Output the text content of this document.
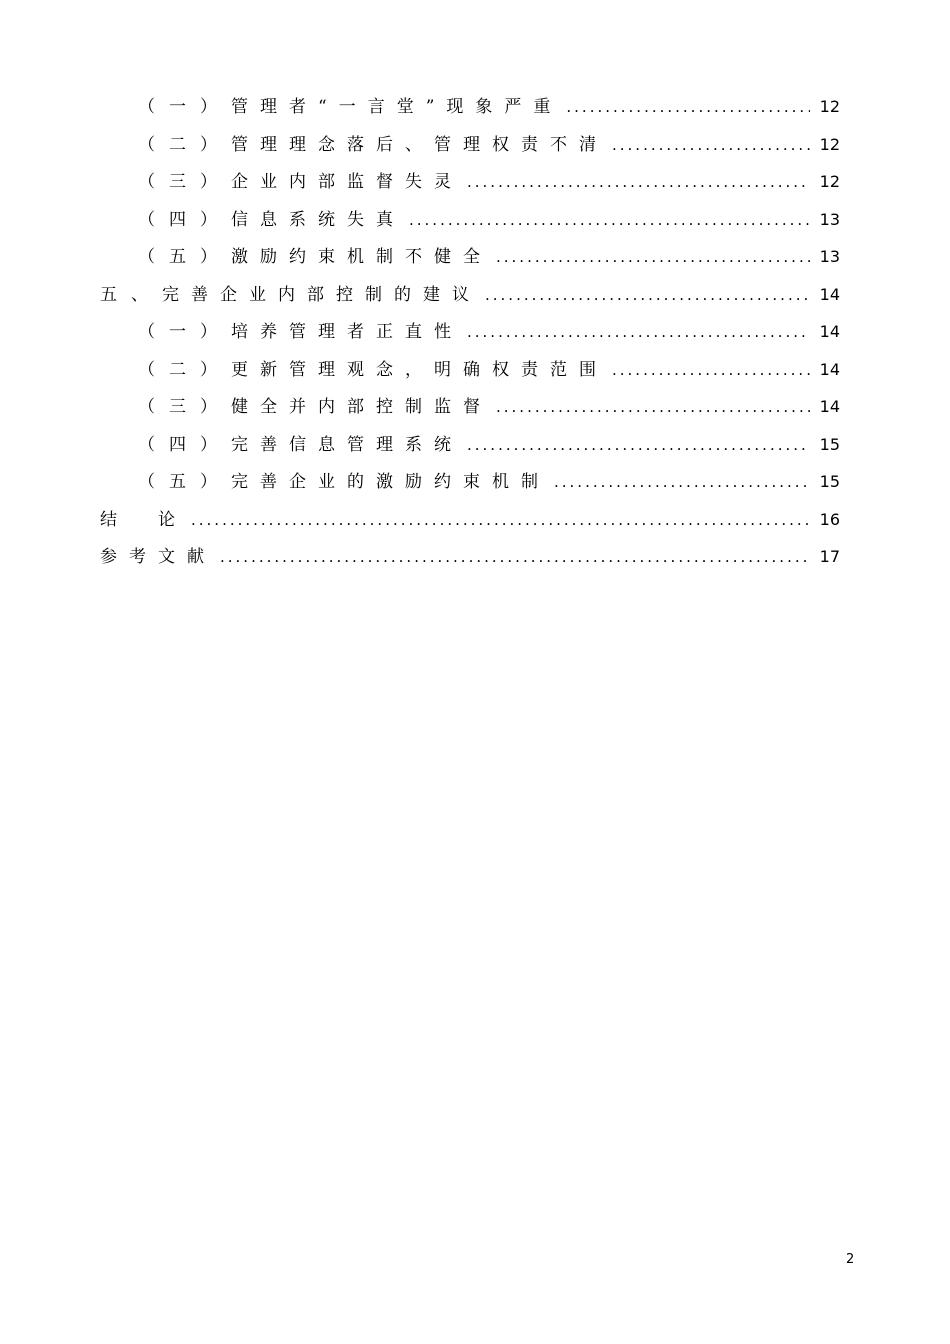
（一） 管理者“一言堂”现象严重 .....	12
（二） 管理理念落后、管理权责不清 .....	12
（三） 企业内部监督失灵 .....	12
（四） 信息系统失真 .....	13
（五） 激励约束机制不健全 .....	13
五、 完善企业内部控制的建议 .....	14
（一） 培养管理者正直性 .....	14
（二） 更新管理观念，明确权责范围 .....	14
（三） 健全并内部控制监督 .....	14
（四） 完善信息管理系统 .....	15
（五） 完善企业的激励约束机制 .....	15
结　论 .....	16
参考文献 .....	17
2
